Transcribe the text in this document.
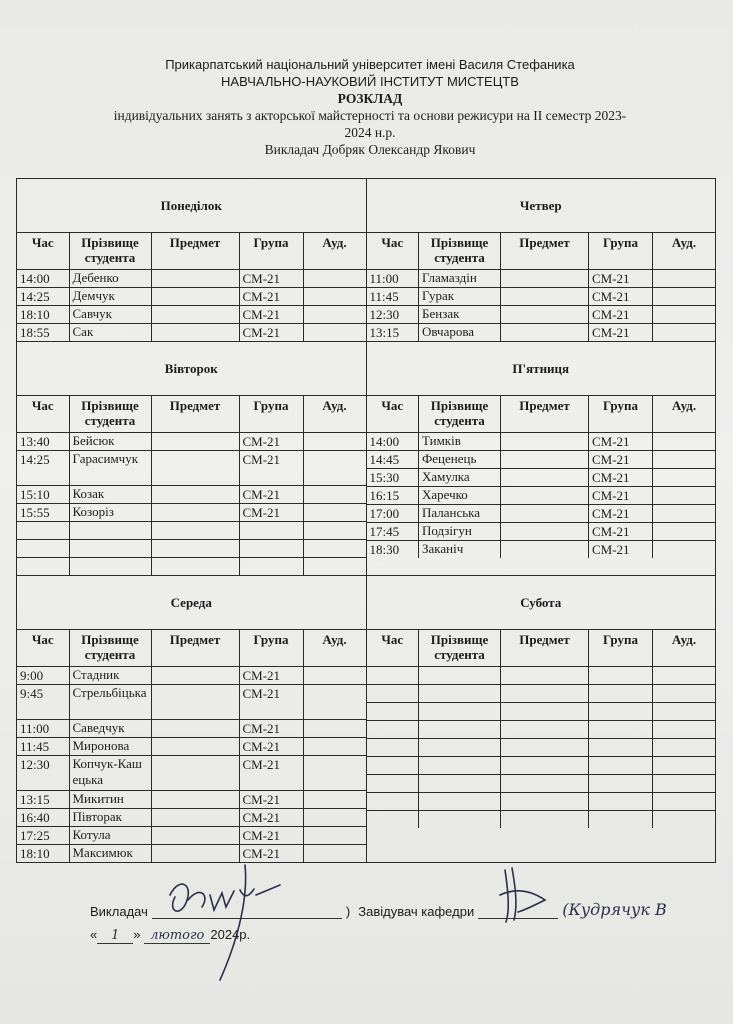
Прикарпатський національний університет імені Василя Стефаника
НАВЧАЛЬНО-НАУКОВИЙ ІНСТИТУТ МИСТЕЦТВ
РОЗКЛАД
індивідуальних занять з акторської майстерності та основи режисури на ІІ семестр 2023-
2024 н.р.
Викладач Добряк Олександр Якович
Понеділок
Час	Прізвище студента	Предмет	Група	Ауд.
14:00	Дебенко		СМ-21	
14:25	Демчук		СМ-21	
18:10	Савчук		СМ-21	
18:55	Сак		СМ-21	
Четвер
Час	Прізвище студента	Предмет	Група	Ауд.
11:00	Гламаздін		СМ-21	
11:45	Гурак		СМ-21	
12:30	Бензак		СМ-21	
13:15	Овчарова		СМ-21	
Вівторок
Час	Прізвище студента	Предмет	Група	Ауд.
13:40	Бейсюк		СМ-21	
14:25	Гарасимчук		СМ-21	
15:10	Козак		СМ-21	
15:55	Козоріз		СМ-21	

П'ятниця
Час	Прізвище студента	Предмет	Група	Ауд.
14:00	Тимків		СМ-21	
14:45	Феценець		СМ-21	
15:30	Хамулка		СМ-21	
16:15	Харечко		СМ-21	
17:00	Паланська		СМ-21	
17:45	Подзігун		СМ-21	
18:30	Заканіч		СМ-21	
Середа
Час	Прізвище студента	Предмет	Група	Ауд.
9:00	Стадник		СМ-21	
9:45	Стрельбіцька		СМ-21	
11:00	Саведчук		СМ-21	
11:45	Миронова		СМ-21	
12:30	Копчук-Кашецька		СМ-21	
13:15	Микитин		СМ-21	
16:40	Півторак		СМ-21	
17:25	Котула		СМ-21	
18:10	Максимюк		СМ-21	
Субота
Час	Прізвище студента	Предмет	Група	Ауд.

Викладач	) Завідувач кафедри	(Кудрячук В
« 1 » лютого 2024р.
